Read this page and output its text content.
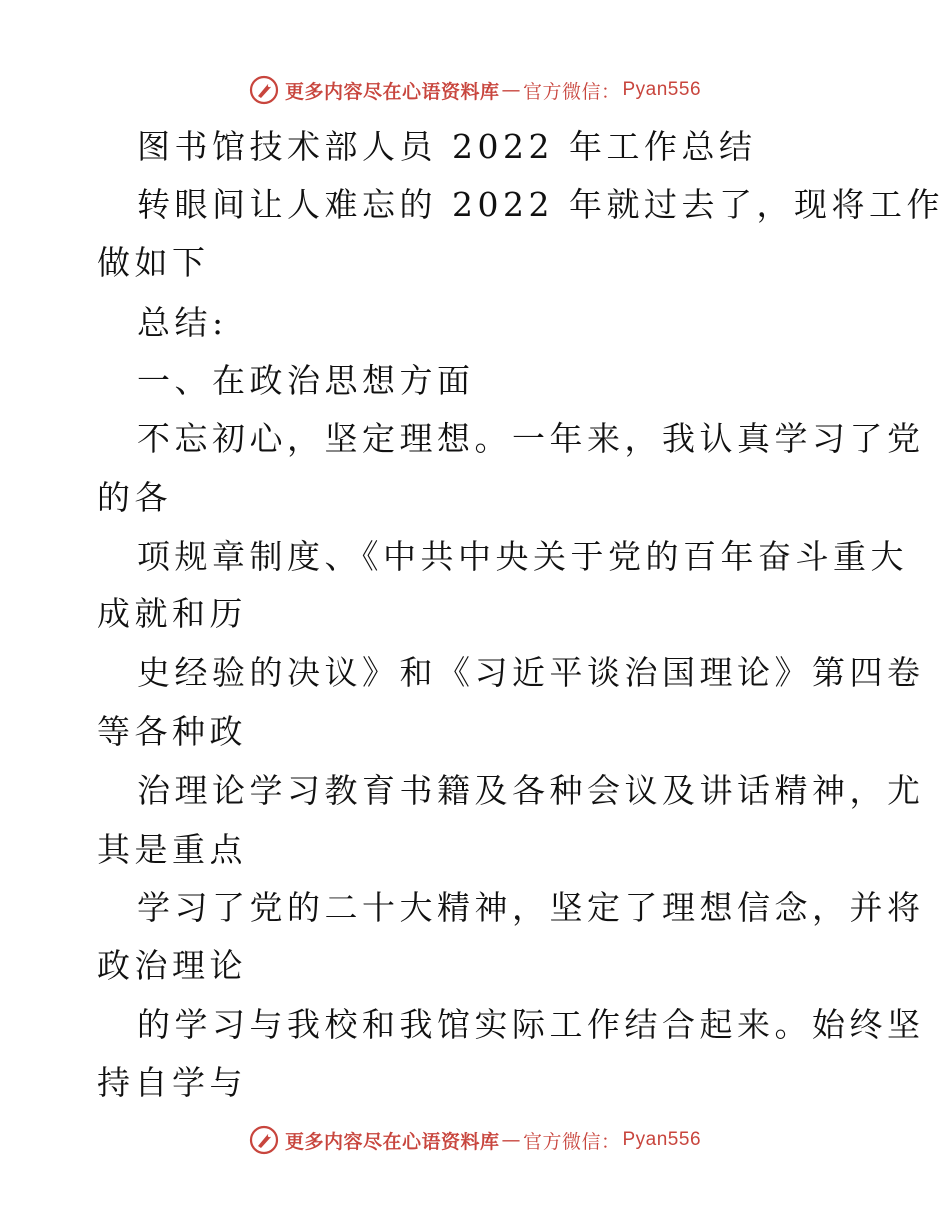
更多内容尽在心语资料库 — 官方微信： Pyan556
图书馆技术部人员 2022 年工作总结
转眼间让人难忘的 2022 年就过去了，现将工作
做如下
总结:
一、在政治思想方面
不忘初心，坚定理想。一年来，我认真学习了党
的各
项规章制度、《中共中央关于党的百年奋斗重大
成就和历
史经验的决议》和《习近平谈治国理论》第四卷
等各种政
治理论学习教育书籍及各种会议及讲话精神，尤
其是重点
学习了党的二十大精神，坚定了理想信念，并将
政治理论
的学习与我校和我馆实际工作结合起来。始终坚
持自学与
更多内容尽在心语资料库 — 官方微信： Pyan556
